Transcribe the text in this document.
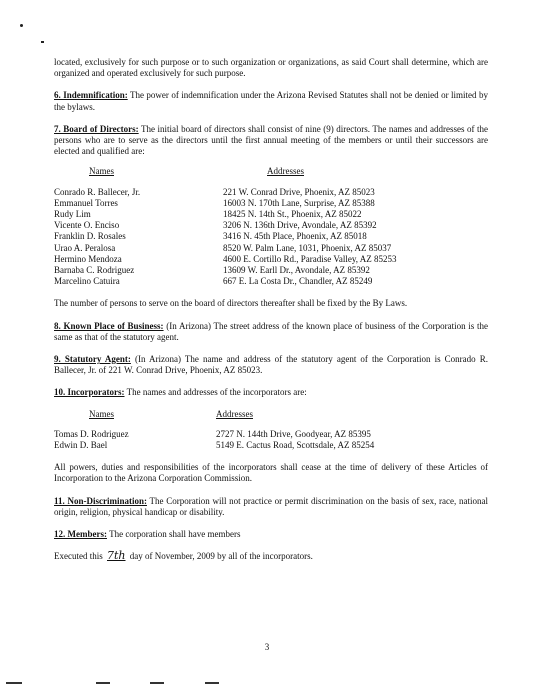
located, exclusively for such purpose or to such organization or organizations, as said Court shall determine, which are organized and operated exclusively for such purpose.

6. Indemnification: The power of indemnification under the Arizona Revised Statutes shall not be denied or limited by the bylaws.

7. Board of Directors: The initial board of directors shall consist of nine (9) directors. The names and addresses of the persons who are to serve as the directors until the first annual meeting of the members or until their successors are elected and qualified are:

Names	Addresses
Conrado R. Ballecer, Jr.
Emmanuel Torres
Rudy Lim
Vicente O. Enciso
Franklin D. Rosales
Urao A. Peralosa
Hermino Mendoza
Barnaba C. Rodriguez
Marcelino Catuira
221 W. Conrad Drive, Phoenix, AZ 85023
16003 N. 170th Lane, Surprise, AZ 85388
18425 N. 14th St., Phoenix, AZ 85022
3206 N. 136th Drive, Avondale, AZ 85392
3416 N. 45th Place, Phoenix, AZ 85018
8520 W. Palm Lane, 1031, Phoenix, AZ 85037
4600 E. Cortillo Rd., Paradise Valley, AZ 85253
13609 W. Earll Dr., Avondale, AZ 85392
667 E. La Costa Dr., Chandler, AZ 85249

The number of persons to serve on the board of directors thereafter shall be fixed by the By Laws.

8. Known Place of Business: (In Arizona) The street address of the known place of business of the Corporation is the same as that of the statutory agent.

9. Statutory Agent: (In Arizona) The name and address of the statutory agent of the Corporation is Conrado R. Ballecer, Jr. of 221 W. Conrad Drive, Phoenix, AZ 85023.

10. Incorporators: The names and addresses of the incorporators are:

Names	Addresses
Tomas D. Rodriguez
Edwin D. Bael
2727 N. 144th Drive, Goodyear, AZ 85395
5149 E. Cactus Road, Scottsdale, AZ 85254

All powers, duties and responsibilities of the incorporators shall cease at the time of delivery of these Articles of Incorporation to the Arizona Corporation Commission.

11. Non-Discrimination: The Corporation will not practice or permit discrimination on the basis of sex, race, national origin, religion, physical handicap or disability.

12. Members: The corporation shall have members

Executed this 7th day of November, 2009 by all of the incorporators.

3
